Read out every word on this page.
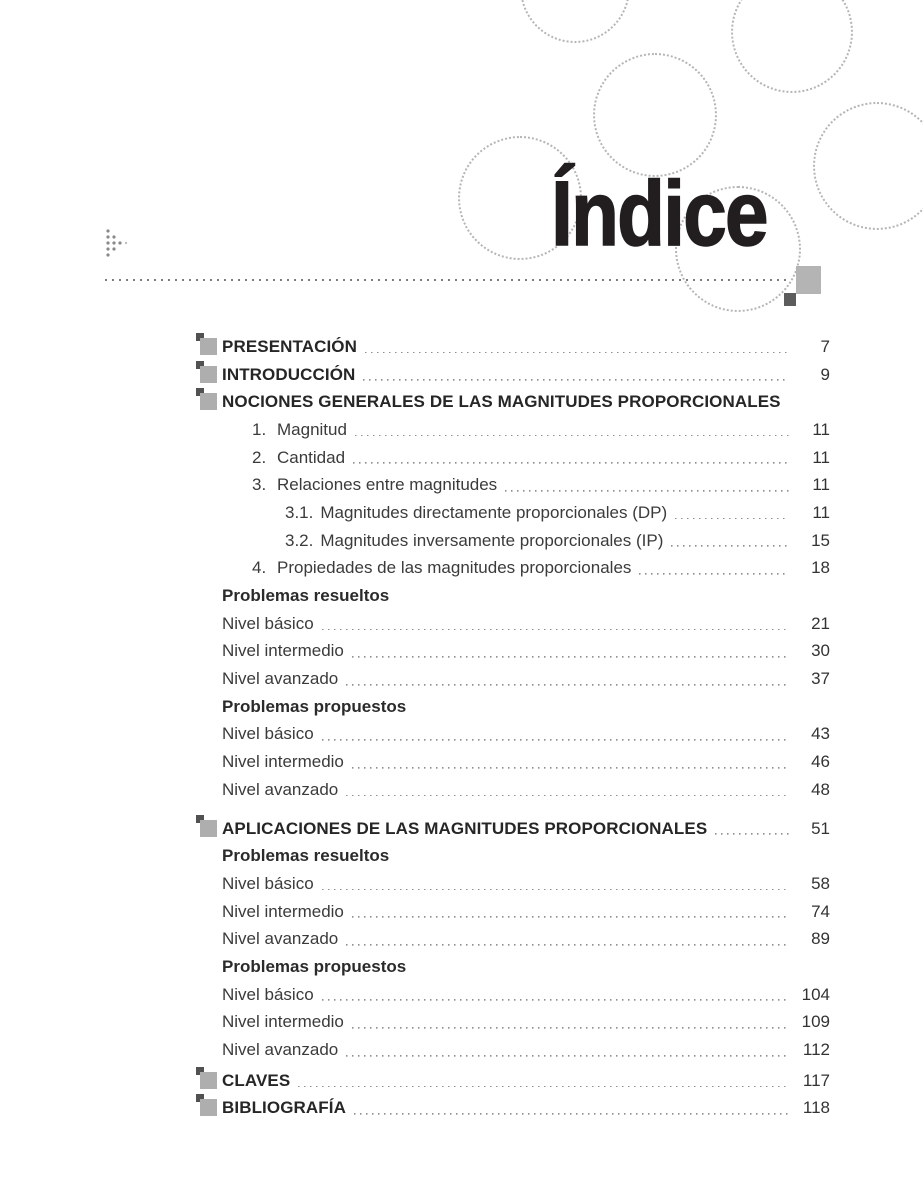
Índice
PRESENTACIÓN	7
INTRODUCCIÓN	9
NOCIONES GENERALES DE LAS MAGNITUDES PROPORCIONALES
1. Magnitud	11
2. Cantidad	11
3. Relaciones entre magnitudes	11
3.1. Magnitudes directamente proporcionales (DP)	11
3.2. Magnitudes inversamente proporcionales (IP)	15
4. Propiedades de las magnitudes proporcionales	18
Problemas resueltos
Nivel básico	21
Nivel intermedio	30
Nivel avanzado	37
Problemas propuestos
Nivel básico	43
Nivel intermedio	46
Nivel avanzado	48
APLICACIONES DE LAS MAGNITUDES PROPORCIONALES	51
Problemas resueltos
Nivel básico	58
Nivel intermedio	74
Nivel avanzado	89
Problemas propuestos
Nivel básico	104
Nivel intermedio	109
Nivel avanzado	112
CLAVES	117
BIBLIOGRAFÍA	118
